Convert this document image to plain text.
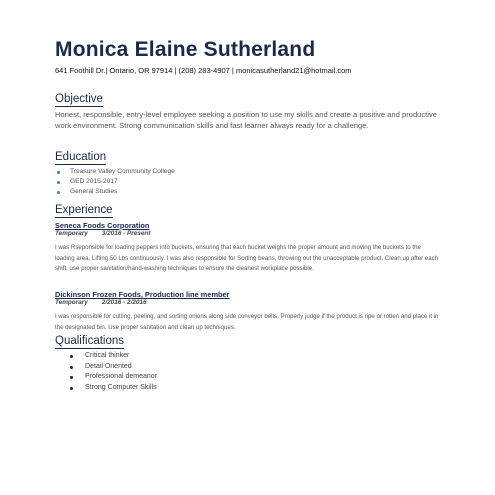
Monica Elaine Sutherland
641 Foothill Dr.| Ontario, OR 97914 | (208) 283-4907 | monicasutherland21@hotmail.com
Objective
Honest, responsible, entry-level employee seeking a position to use my skills and create a positive and productive work environment. Strong communication skills and fast learner always ready for a challenge.
Education
Treasure Valley Community College
GED 2015-2017
General Studies
Experience
Seneca Foods Corporation
Temporary 3/2016 - Present
I was Rseponsible for loading peppers into buckets, ensuring that each bucket weighs the proper amount and moving the buckets to the loading area. Lifting 50 Lbs continuously. I was also responsible for Sorting beans, throwing out the unacceptable product. Clean up after each shift, use proper sanitation/hand-washing techniques to ensure the cleanest workplace possible.
Dickinson Frozen Foods, Production line member
Temporary 2/2016 - 2/2016
I was responsible for cutting, peeling, and sorting onions along side conveyor belts. Properly judge if the product is ripe or rotten and place it in the designated bin. Use proper sanitation and clean up techniques.
Qualifications
Critical thinker
Detail Oriented
Professional demeanor
Strong Computer Skills
